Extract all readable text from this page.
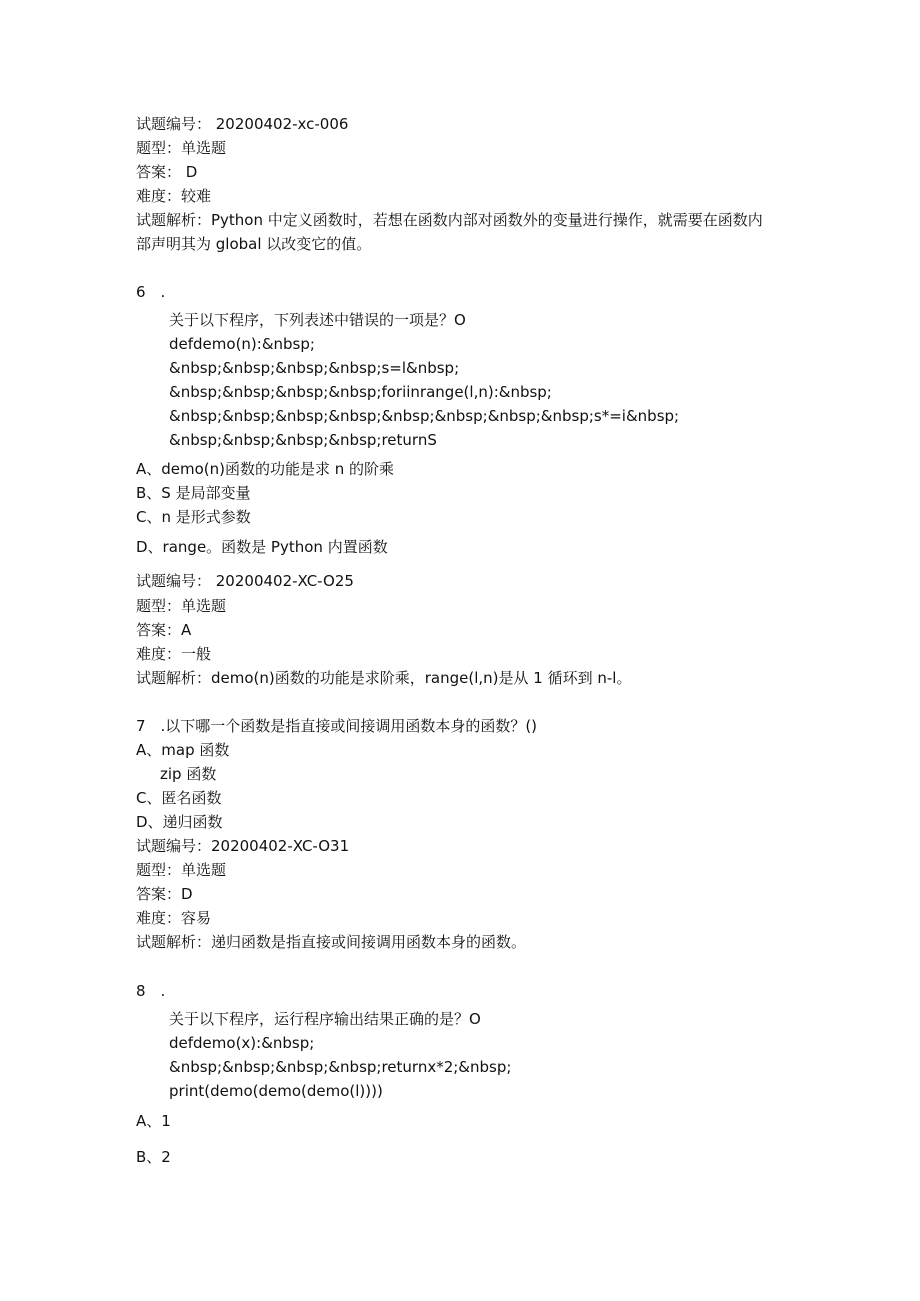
试题编号： 20200402-xc-006
题型：单选题
答案： D
难度：较难
试题解析：Python 中定义函数时，若想在函数内部对函数外的变量进行操作，就需要在函数内
部声明其为 global 以改变它的值。
6　.
关于以下程序，下列表述中错误的一项是？O
defdemo(n):&nbsp;
&nbsp;&nbsp;&nbsp;&nbsp;s=l&nbsp;
&nbsp;&nbsp;&nbsp;&nbsp;foriinrange(l,n):&nbsp;
&nbsp;&nbsp;&nbsp;&nbsp;&nbsp;&nbsp;&nbsp;&nbsp;s*=i&nbsp;
&nbsp;&nbsp;&nbsp;&nbsp;returnS
A、demo(n)函数的功能是求 n 的阶乘
B、S 是局部变量
C、n 是形式参数
D、range。函数是 Python 内置函数
试题编号： 20200402-XC-O25
题型：单选题
答案：A
难度：一般
试题解析：demo(n)函数的功能是求阶乘，range(l,n)是从 1 循环到 n-l。
7　.以下哪一个函数是指直接或间接调用函数本身的函数？()
A、map 函数
zip 函数
C、匿名函数
D、递归函数
试题编号：20200402-XC-O31
题型：单选题
答案：D
难度：容易
试题解析：递归函数是指直接或间接调用函数本身的函数。
8　.
关于以下程序，运行程序输出结果正确的是？O
defdemo(x):&nbsp;
&nbsp;&nbsp;&nbsp;&nbsp;returnx*2;&nbsp;
print(demo(demo(demo(l))))
A、1
B、2
